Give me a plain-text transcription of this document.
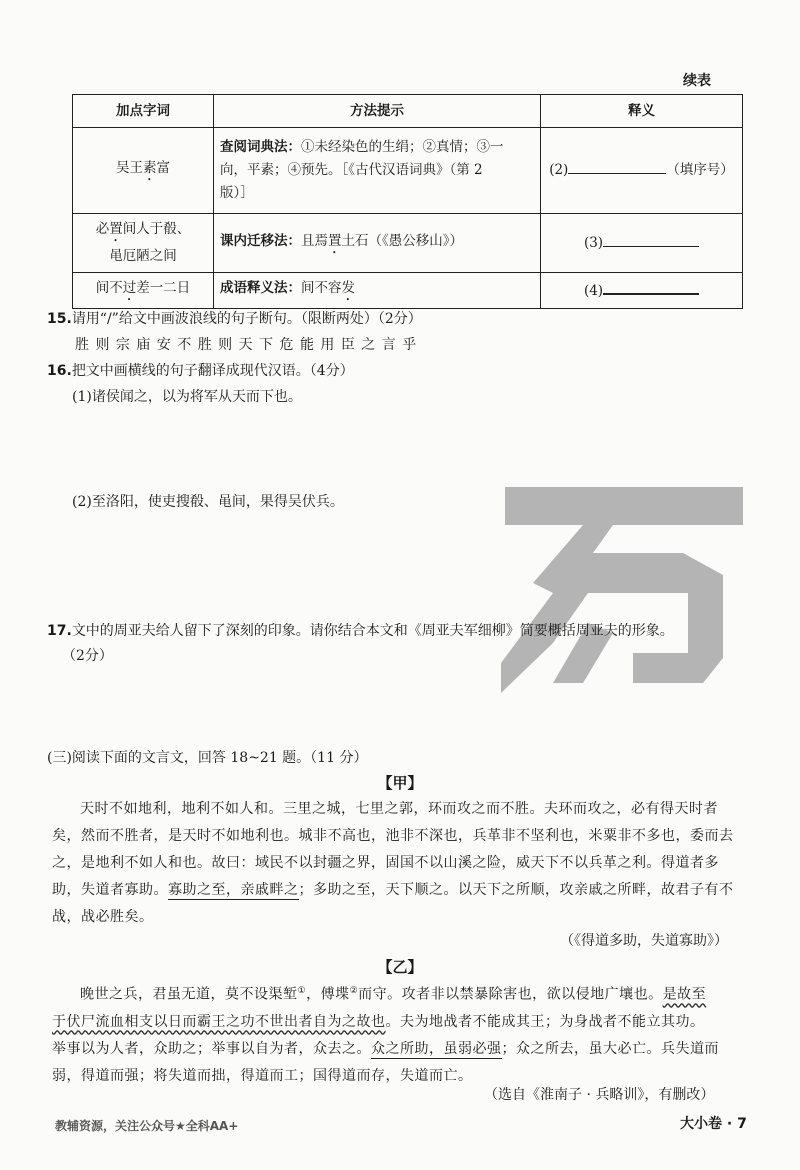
续表
加点字词	方法提示	释义
吴王素富	查阅词典法：①未经染色的生绢；②真情；③一
向，平素；④预先。［《古代汉语词典》（第 2
版）］	(2) （填序号）
必置间人于殽、
黾厄陋之间	课内迁移法：且焉置土石（《愚公移山》）	(3)
间不过差一二日	成语释义法：间不容发	(4)
15.请用“/”给文中画波浪线的句子断句。（限断两处）（2分）
胜 则 宗 庙 安 不 胜 则 天 下 危 能 用 臣 之 言 乎
16.把文中画横线的句子翻译成现代汉语。（4分）
(1)诸侯闻之，以为将军从天而下也。
(2)至洛阳，使吏搜殽、黾间，果得吴伏兵。
17.文中的周亚夫给人留下了深刻的印象。请你结合本文和《周亚夫军细柳》简要概括周亚夫的形象。
（2分）
(三)阅读下面的文言文，回答 18~21 题。（11 分）
【甲】
天时不如地利，地利不如人和。三里之城，七里之郭，环而攻之而不胜。夫环而攻之，必有得天时者
矣，然而不胜者，是天时不如地利也。城非不高也，池非不深也，兵革非不坚利也，米粟非不多也，委而去
之，是地利不如人和也。故曰：域民不以封疆之界，固国不以山溪之险，威天下不以兵革之利。得道者多
助，失道者寡助。寡助之至，亲戚畔之；多助之至，天下顺之。以天下之所顺，攻亲戚之所畔，故君子有不
战，战必胜矣。
（《得道多助，失道寡助》）
【乙】
晚世之兵，君虽无道，莫不设渠堑①，傅堞②而守。攻者非以禁暴除害也，欲以侵地广壤也。是故至
于伏尸流血相支以日而霸王之功不世出者自为之故也。夫为地战者不能成其王；为身战者不能立其功。
举事以为人者，众助之；举事以自为者，众去之。众之所助，虽弱必强；众之所去，虽大必亡。兵失道而
弱，得道而强；将失道而拙，得道而工；国得道而存，失道而亡。
（选自《淮南子 · 兵略训》，有删改）
教辅资源，关注公众号★全科AA+	大小卷 · 7
